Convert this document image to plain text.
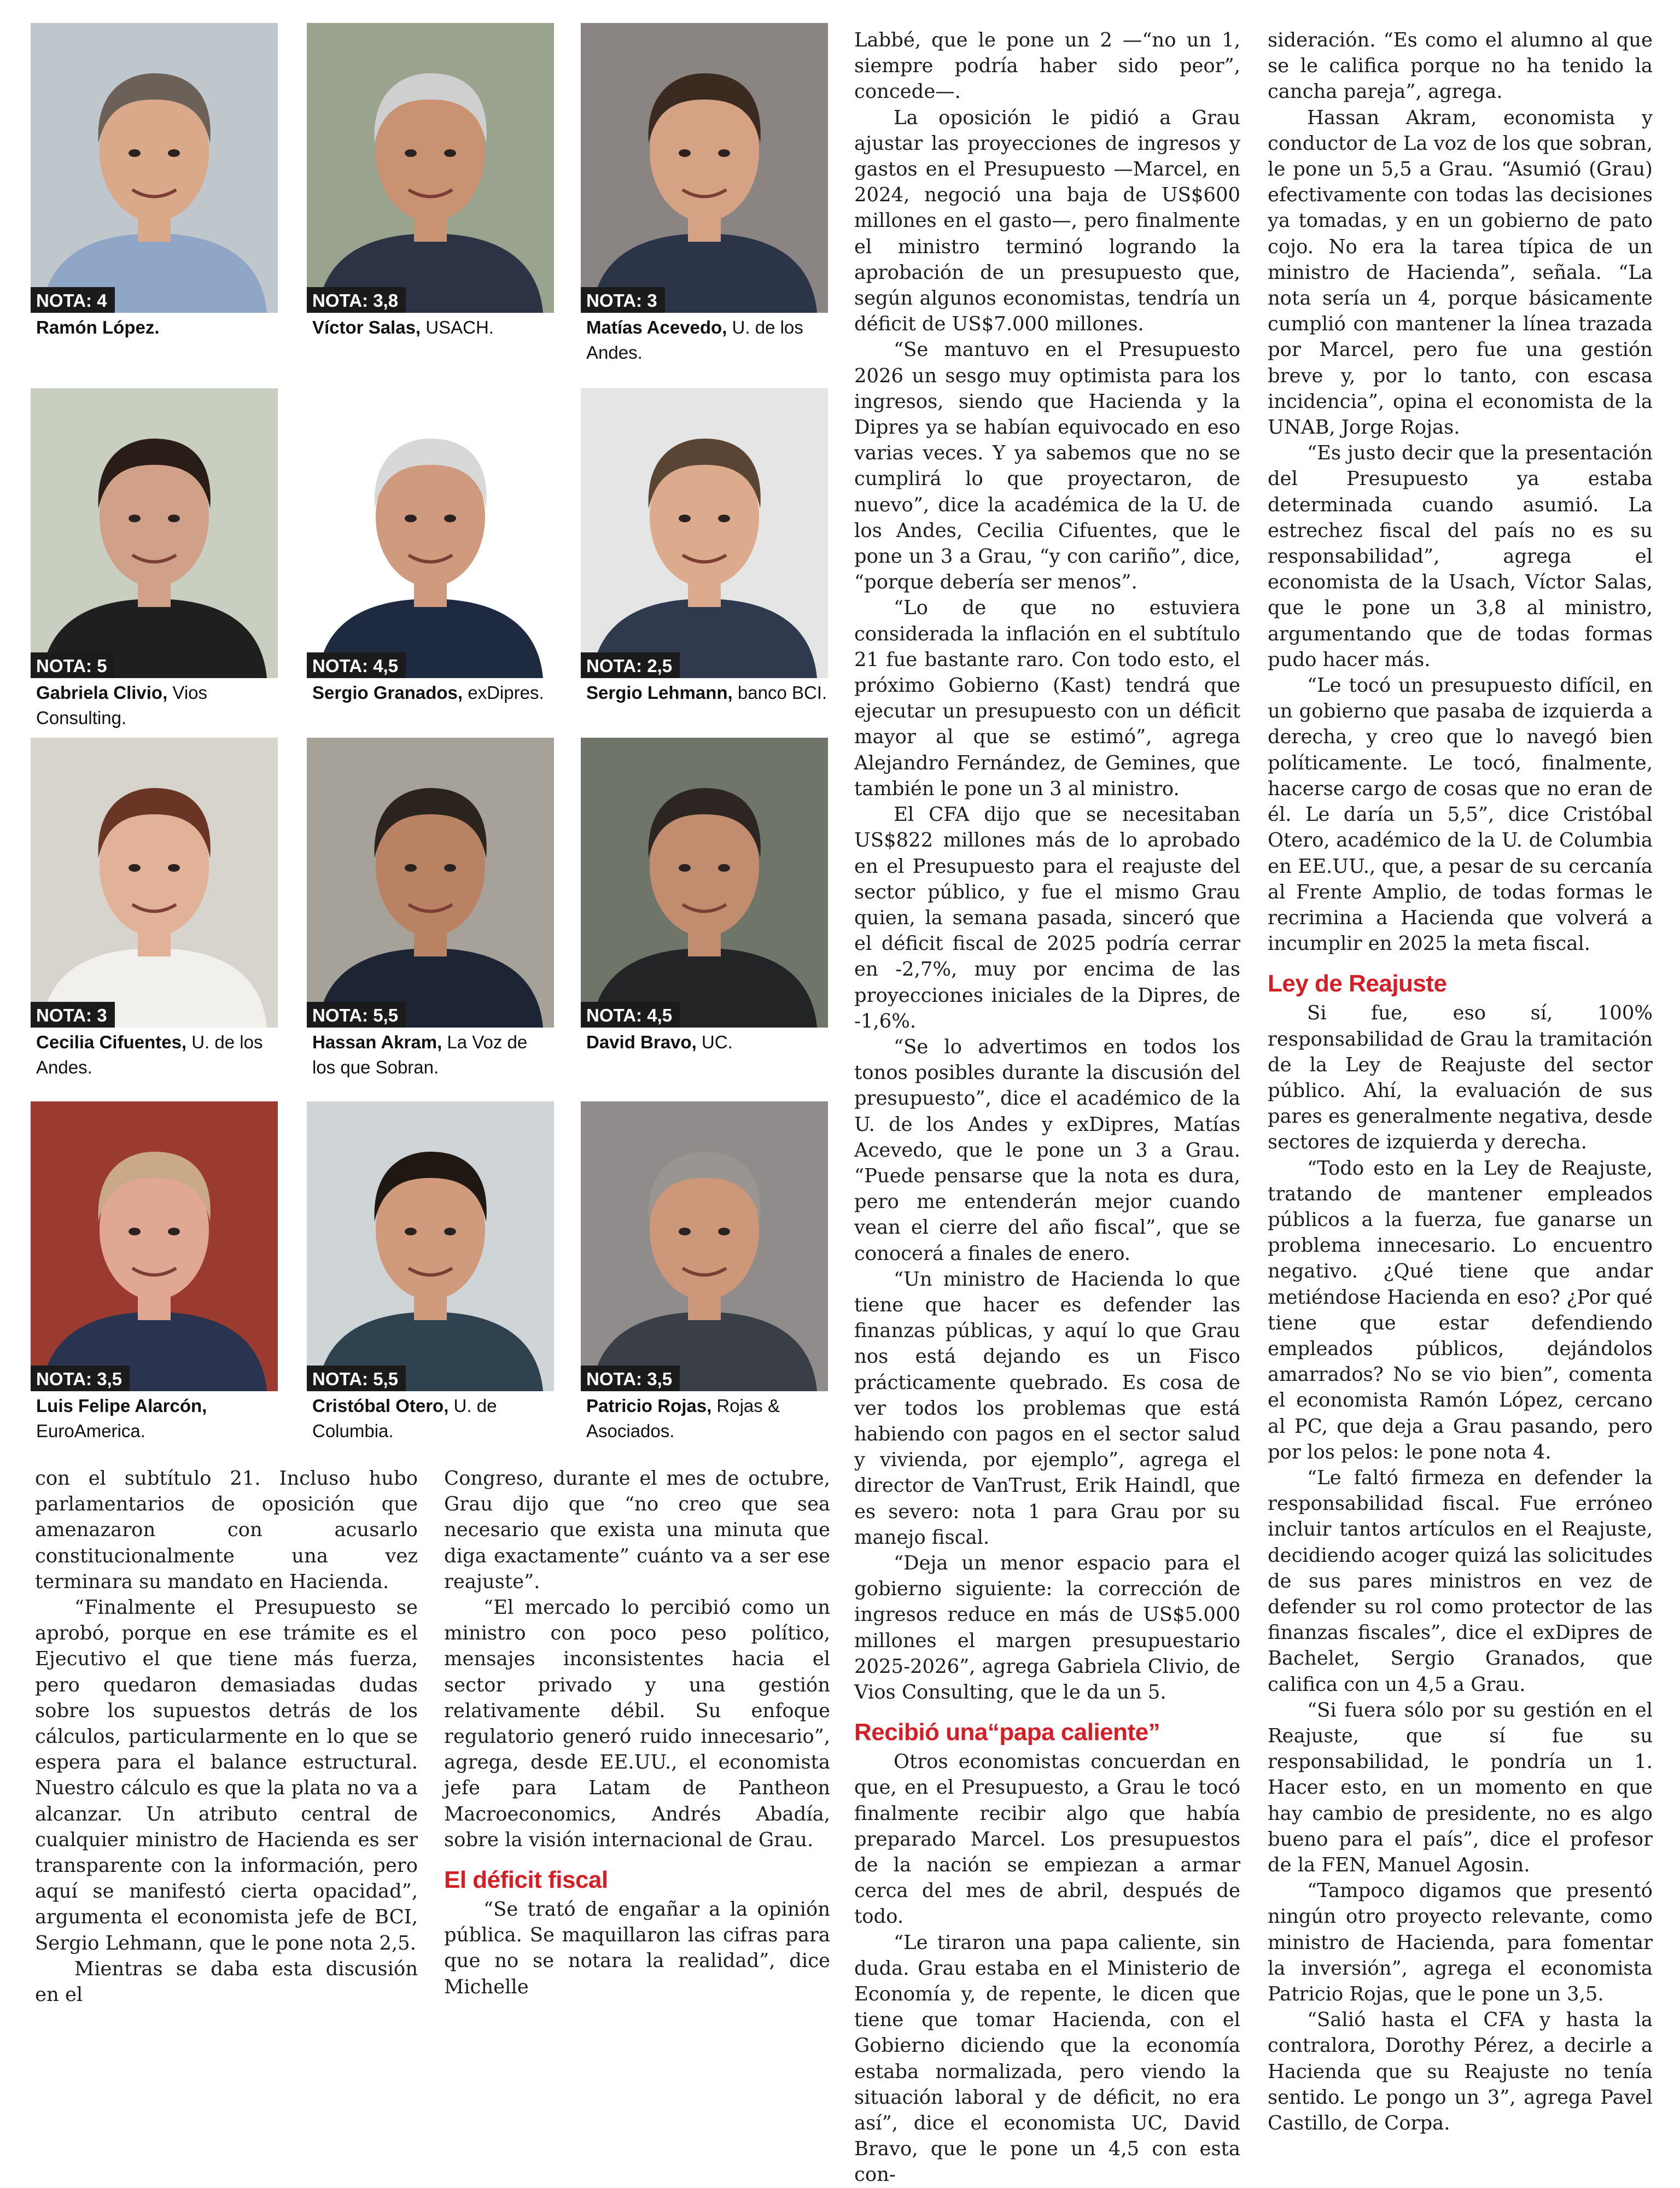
NOTA: 4
Ramón López.
NOTA: 3,8
Víctor Salas, USACH.
NOTA: 3
Matías Acevedo, U. de los Andes.
NOTA: 5
Gabriela Clivio, Vios Consulting.
NOTA: 4,5
Sergio Granados, exDipres.
NOTA: 2,5
Sergio Lehmann, banco BCI.
NOTA: 3
Cecilia Cifuentes, U. de los Andes.
NOTA: 5,5
Hassan Akram, La Voz de los que Sobran.
NOTA: 4,5
David Bravo, UC.
NOTA: 3,5
Luis Felipe Alarcón, EuroAmerica.
NOTA: 5,5
Cristóbal Otero, U. de Columbia.
NOTA: 3,5
Patricio Rojas, Rojas & Asociados.

Labbé, que le pone un 2 —“no un 1, siempre podría haber sido peor”, concede—.

La oposición le pidió a Grau ajustar las proyecciones de ingresos y gastos en el Presupuesto —Marcel, en 2024, negoció una baja de US$600 millones en el gasto—, pero finalmente el ministro terminó logrando la aprobación de un presupuesto que, según algunos economistas, tendría un déficit de US$7.000 millones.

“Se mantuvo en el Presupuesto 2026 un sesgo muy optimista para los ingresos, siendo que Hacienda y la Dipres ya se habían equivocado en eso varias veces. Y ya sabemos que no se cumplirá lo que proyectaron, de nuevo”, dice la académica de la U. de los Andes, Cecilia Cifuentes, que le pone un 3 a Grau, “y con cariño”, dice, “porque debería ser menos”.

“Lo de que no estuviera considerada la inflación en el subtítulo 21 fue bastante raro. Con todo esto, el próximo Gobierno (Kast) tendrá que ejecutar un presupuesto con un déficit mayor al que se estimó”, agrega Alejandro Fernández, de Gemines, que también le pone un 3 al ministro.

El CFA dijo que se necesitaban US$822 millones más de lo aprobado en el Presupuesto para el reajuste del sector público, y fue el mismo Grau quien, la semana pasada, sinceró que el déficit fiscal de 2025 podría cerrar en -2,7%, muy por encima de las proyecciones iniciales de la Dipres, de -1,6%.

“Se lo advertimos en todos los tonos posibles durante la discusión del presupuesto”, dice el académico de la U. de los Andes y exDipres, Matías Acevedo, que le pone un 3 a Grau. “Puede pensarse que la nota es dura, pero me entenderán mejor cuando vean el cierre del año fiscal”, que se conocerá a finales de enero.

“Un ministro de Hacienda lo que tiene que hacer es defender las finanzas públicas, y aquí lo que Grau nos está dejando es un Fisco prácticamente quebrado. Es cosa de ver todos los problemas que está habiendo con pagos en el sector salud y vivienda, por ejemplo”, agrega el director de VanTrust, Erik Haindl, que es severo: nota 1 para Grau por su manejo fiscal.

“Deja un menor espacio para el gobierno siguiente: la corrección de ingresos reduce en más de US$5.000 millones el margen presupuestario 2025-2026”, agrega Gabriela Clivio, de Vios Consulting, que le da un 5.

Recibió una“papa caliente”

Otros economistas concuerdan en que, en el Presupuesto, a Grau le tocó finalmente recibir algo que había preparado Marcel. Los presupuestos de la nación se empiezan a armar cerca del mes de abril, después de todo.

“Le tiraron una papa caliente, sin duda. Grau estaba en el Ministerio de Economía y, de repente, le dicen que tiene que tomar Hacienda, con el Gobierno diciendo que la economía estaba normalizada, pero viendo la situación laboral y de déficit, no era así”, dice el economista UC, David Bravo, que le pone un 4,5 con esta con-

sideración. “Es como el alumno al que se le califica porque no ha tenido la cancha pareja”, agrega.

Hassan Akram, economista y conductor de La voz de los que sobran, le pone un 5,5 a Grau. “Asumió (Grau) efectivamente con todas las decisiones ya tomadas, y en un gobierno de pato cojo. No era la tarea típica de un ministro de Hacienda”, señala. “La nota sería un 4, porque básicamente cumplió con mantener la línea trazada por Marcel, pero fue una gestión breve y, por lo tanto, con escasa incidencia”, opina el economista de la UNAB, Jorge Rojas.

“Es justo decir que la presentación del Presupuesto ya estaba determinada cuando asumió. La estrechez fiscal del país no es su responsabilidad”, agrega el economista de la Usach, Víctor Salas, que le pone un 3,8 al ministro, argumentando que de todas formas pudo hacer más.

“Le tocó un presupuesto difícil, en un gobierno que pasaba de izquierda a derecha, y creo que lo navegó bien políticamente. Le tocó, finalmente, hacerse cargo de cosas que no eran de él. Le daría un 5,5”, dice Cristóbal Otero, académico de la U. de Columbia en EE.UU., que, a pesar de su cercanía al Frente Amplio, de todas formas le recrimina a Hacienda que volverá a incumplir en 2025 la meta fiscal.

Ley de Reajuste

Si fue, eso sí, 100% responsabilidad de Grau la tramitación de la Ley de Reajuste del sector público. Ahí, la evaluación de sus pares es generalmente negativa, desde sectores de izquierda y derecha.

“Todo esto en la Ley de Reajuste, tratando de mantener empleados públicos a la fuerza, fue ganarse un problema innecesario. Lo encuentro negativo. ¿Qué tiene que andar metiéndose Hacienda en eso? ¿Por qué tiene que estar defendiendo empleados públicos, dejándolos amarrados? No se vio bien”, comenta el economista Ramón López, cercano al PC, que deja a Grau pasando, pero por los pelos: le pone nota 4.

“Le faltó firmeza en defender la responsabilidad fiscal. Fue erróneo incluir tantos artículos en el Reajuste, decidiendo acoger quizá las solicitudes de sus pares ministros en vez de defender su rol como protector de las finanzas fiscales”, dice el exDipres de Bachelet, Sergio Granados, que califica con un 4,5 a Grau.

“Si fuera sólo por su gestión en el Reajuste, que sí fue su responsabilidad, le pondría un 1. Hacer esto, en un momento en que hay cambio de presidente, no es algo bueno para el país”, dice el profesor de la FEN, Manuel Agosin.

“Tampoco digamos que presentó ningún otro proyecto relevante, como ministro de Hacienda, para fomentar la inversión”, agrega el economista Patricio Rojas, que le pone un 3,5.

“Salió hasta el CFA y hasta la contralora, Dorothy Pérez, a decirle a Hacienda que su Reajuste no tenía sentido. Le pongo un 3”, agrega Pavel Castillo, de Corpa.

con el subtítulo 21. Incluso hubo parlamentarios de oposición que amenazaron con acusarlo constitucionalmente una vez terminara su mandato en Hacienda.

“Finalmente el Presupuesto se aprobó, porque en ese trámite es el Ejecutivo el que tiene más fuerza, pero quedaron demasiadas dudas sobre los supuestos detrás de los cálculos, particularmente en lo que se espera para el balance estructural. Nuestro cálculo es que la plata no va a alcanzar. Un atributo central de cualquier ministro de Hacienda es ser transparente con la información, pero aquí se manifestó cierta opacidad”, argumenta el economista jefe de BCI, Sergio Lehmann, que le pone nota 2,5.

Mientras se daba esta discusión en el

Congreso, durante el mes de octubre, Grau dijo que “no creo que sea necesario que exista una minuta que diga exactamente” cuánto va a ser ese reajuste”.

“El mercado lo percibió como un ministro con poco peso político, mensajes inconsistentes hacia el sector privado y una gestión relativamente débil. Su enfoque regulatorio generó ruido innecesario”, agrega, desde EE.UU., el economista jefe para Latam de Pantheon Macroeconomics, Andrés Abadía, sobre la visión internacional de Grau.

El déficit fiscal

“Se trató de engañar a la opinión pública. Se maquillaron las cifras para que no se notara la realidad”, dice Michelle
